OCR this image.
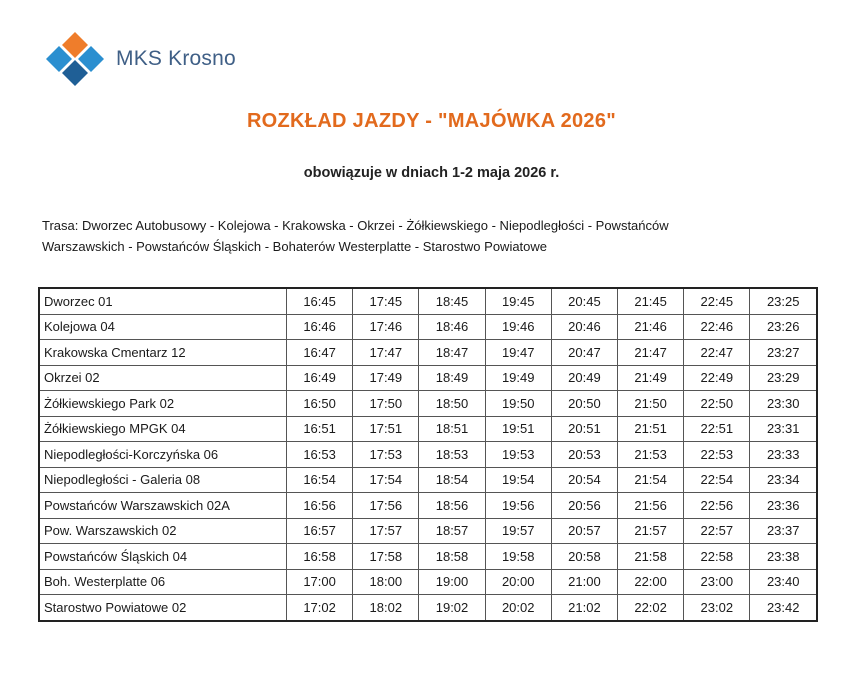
MKS Krosno
ROZKŁAD JAZDY - "MAJÓWKA 2026"
obowiązuje w dniach 1-2 maja 2026 r.
Trasa: Dworzec Autobusowy - Kolejowa - Krakowska - Okrzei - Żółkiewskiego - Niepodległości - Powstańców
Warszawskich - Powstańców Śląskich - Bohaterów Westerplatte - Starostwo Powiatowe
Dworzec 01	16:45	17:45	18:45	19:45	20:45	21:45	22:45	23:25
Kolejowa 04	16:46	17:46	18:46	19:46	20:46	21:46	22:46	23:26
Krakowska Cmentarz 12	16:47	17:47	18:47	19:47	20:47	21:47	22:47	23:27
Okrzei 02	16:49	17:49	18:49	19:49	20:49	21:49	22:49	23:29
Żółkiewskiego Park 02	16:50	17:50	18:50	19:50	20:50	21:50	22:50	23:30
Żółkiewskiego MPGK 04	16:51	17:51	18:51	19:51	20:51	21:51	22:51	23:31
Niepodległości-Korczyńska 06	16:53	17:53	18:53	19:53	20:53	21:53	22:53	23:33
Niepodległości - Galeria 08	16:54	17:54	18:54	19:54	20:54	21:54	22:54	23:34
Powstańców Warszawskich 02A	16:56	17:56	18:56	19:56	20:56	21:56	22:56	23:36
Pow. Warszawskich 02	16:57	17:57	18:57	19:57	20:57	21:57	22:57	23:37
Powstańców Śląskich 04	16:58	17:58	18:58	19:58	20:58	21:58	22:58	23:38
Boh. Westerplatte 06	17:00	18:00	19:00	20:00	21:00	22:00	23:00	23:40
Starostwo Powiatowe 02	17:02	18:02	19:02	20:02	21:02	22:02	23:02	23:42
